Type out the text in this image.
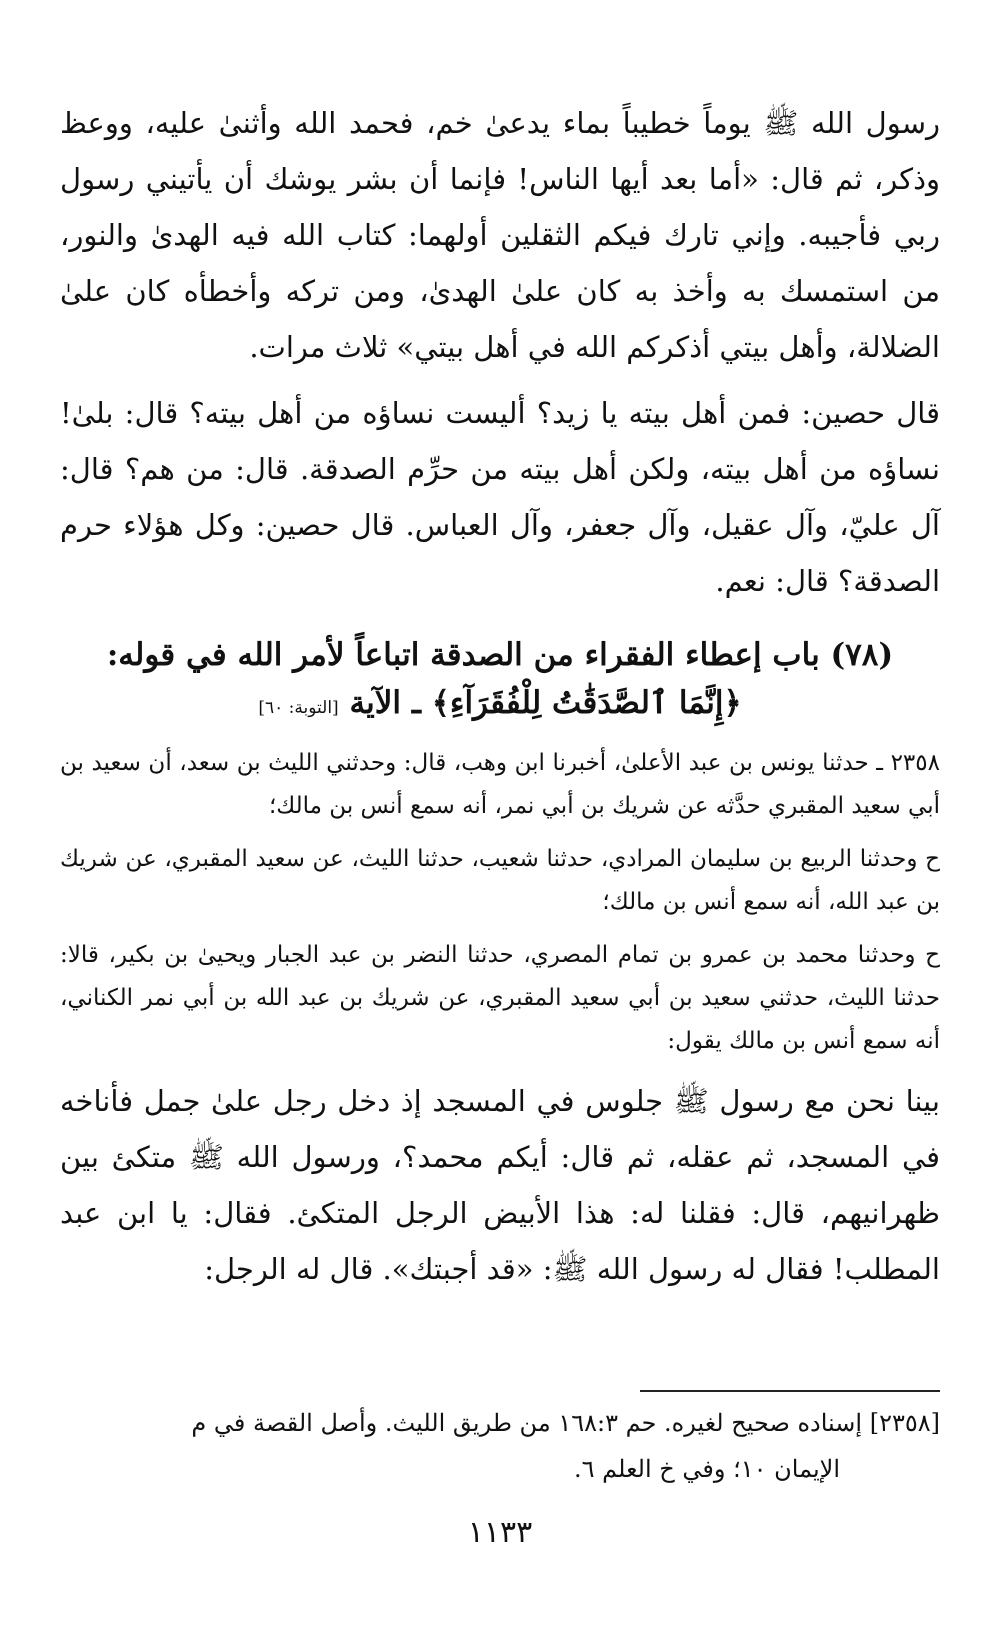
رسول الله ﷺ يوماً خطيباً بماء يدعىٰ خم، فحمد الله وأثنىٰ عليه، ووعظ وذكر، ثم قال: «أما بعد أيها الناس! فإنما أن بشر يوشك أن يأتيني رسول ربي فأجيبه. وإني تارك فيكم الثقلين أولهما: كتاب الله فيه الهدىٰ والنور، من استمسك به وأخذ به كان علىٰ الهدىٰ، ومن تركه وأخطأه كان علىٰ الضلالة، وأهل بيتي أذكركم الله في أهل بيتي» ثلاث مرات.

قال حصين: فمن أهل بيته يا زيد؟ أليست نساؤه من أهل بيته؟ قال: بلىٰ! نساؤه من أهل بيته، ولكن أهل بيته من حرِّم الصدقة. قال: من هم؟ قال: آل عليّ، وآل عقيل، وآل جعفر، وآل العباس. قال حصين: وكل هؤلاء حرم الصدقة؟ قال: نعم.

(٧٨) باب إعطاء الفقراء من الصدقة اتباعاً لأمر الله في قوله:
﴿إِنَّمَا ٱلصَّدَقَٰتُ لِلْفُقَرَآءِ﴾ ـ الآية [التوبة: ٦٠]

٢٣٥٨ ـ حدثنا يونس بن عبد الأعلىٰ، أخبرنا ابن وهب، قال: وحدثني الليث بن سعد، أن سعيد بن أبي سعيد المقبري حدَّثه عن شريك بن أبي نمر، أنه سمع أنس بن مالك؛

ح وحدثنا الربيع بن سليمان المرادي، حدثنا شعيب، حدثنا الليث، عن سعيد المقبري، عن شريك بن عبد الله، أنه سمع أنس بن مالك؛

ح وحدثنا محمد بن عمرو بن تمام المصري، حدثنا النضر بن عبد الجبار ويحيىٰ بن بكير، قالا: حدثنا الليث، حدثني سعيد بن أبي سعيد المقبري، عن شريك بن عبد الله بن أبي نمر الكناني، أنه سمع أنس بن مالك يقول:

بينا نحن مع رسول ﷺ جلوس في المسجد إذ دخل رجل علىٰ جمل فأناخه في المسجد، ثم عقله، ثم قال: أيكم محمد؟، ورسول الله ﷺ متكئ بين ظهرانيهم، قال: فقلنا له: هذا الأبيض الرجل المتكئ. فقال: يا ابن عبد المطلب! فقال له رسول الله ﷺ: «قد أجبتك». قال له الرجل:

[٢٣٥٨] إسناده صحيح لغيره. حم ١٦٨:٣ من طريق الليث. وأصل القصة في م
الإيمان ١٠؛ وفي خ العلم ٦.
١١٣٣
